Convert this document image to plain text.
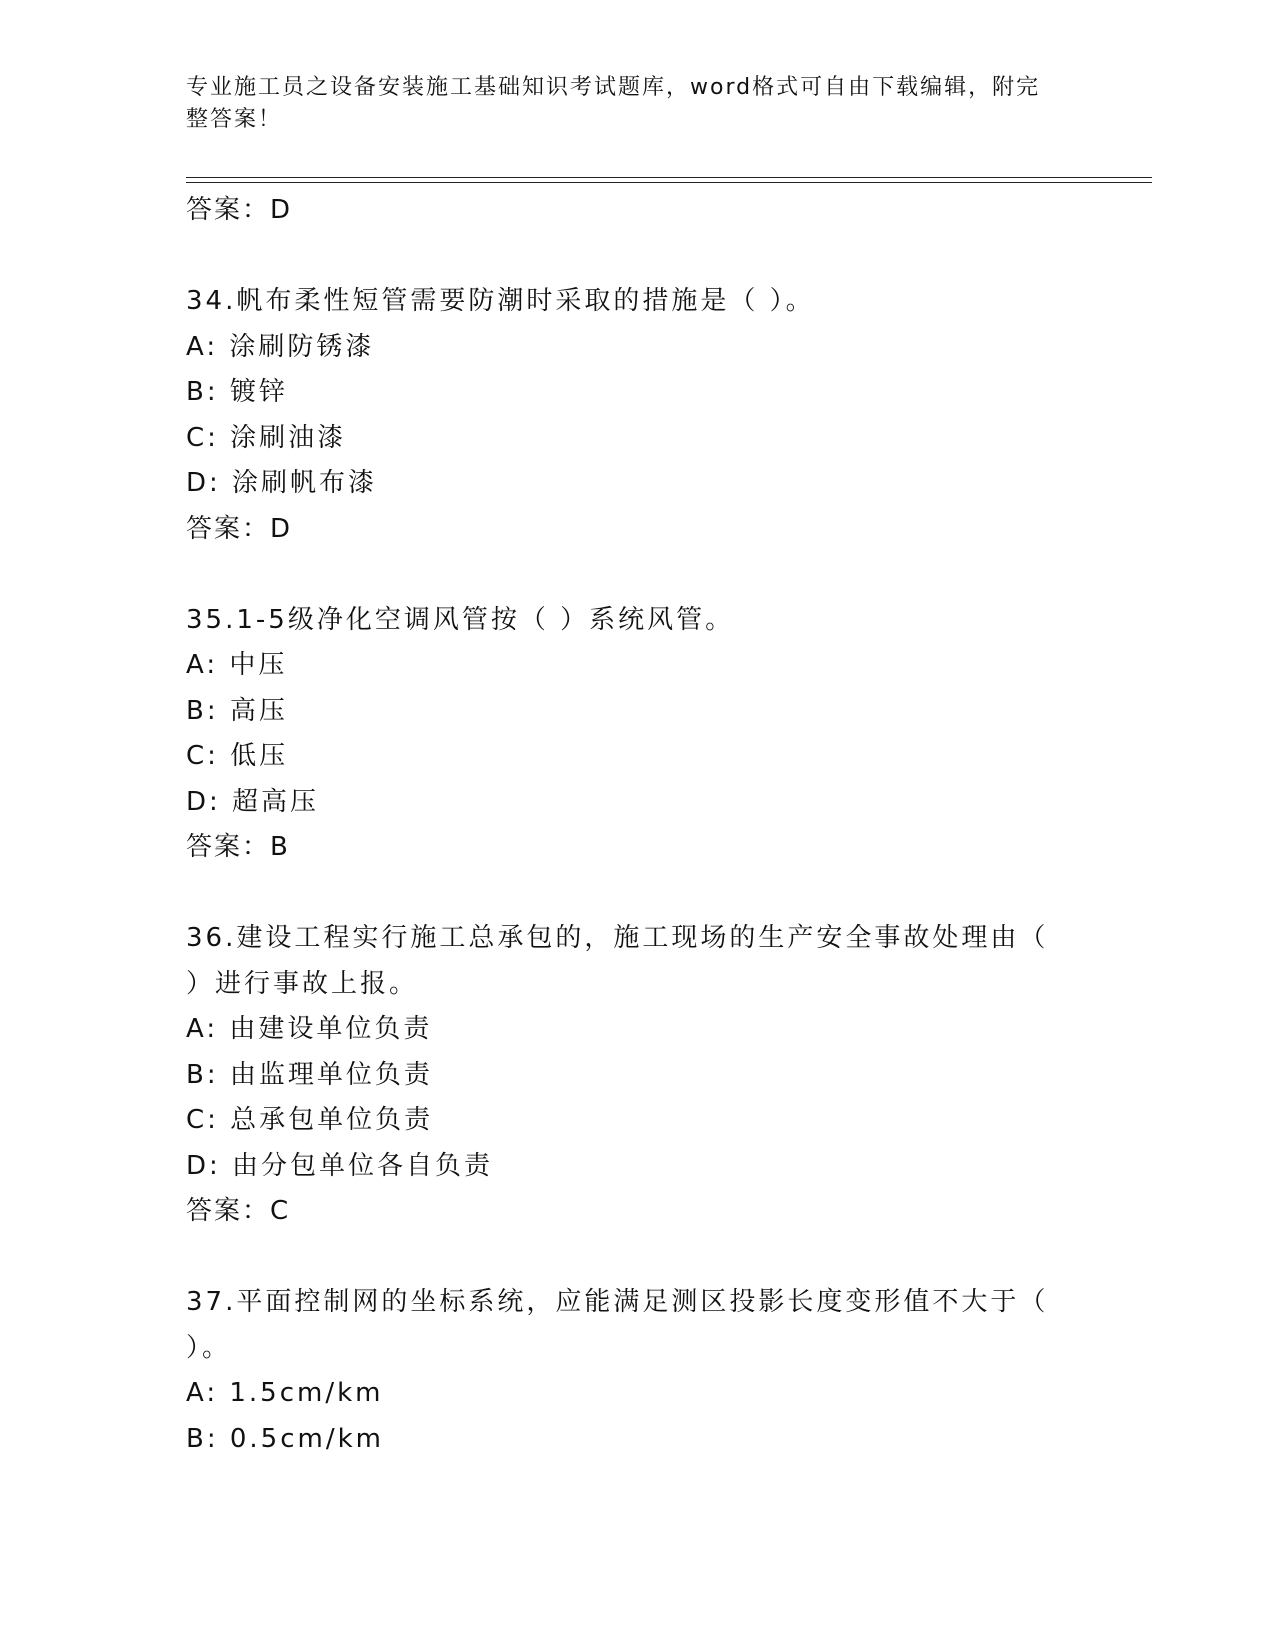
专业施工员之设备安装施工基础知识考试题库，word格式可自由下载编辑，附完
整答案！
答案：D
34.帆布柔性短管需要防潮时采取的措施是（ ）。
A: 涂刷防锈漆
B: 镀锌
C: 涂刷油漆
D: 涂刷帆布漆
答案：D
35.1-5级净化空调风管按（ ）系统风管。
A: 中压
B: 高压
C: 低压
D: 超高压
答案：B
36.建设工程实行施工总承包的，施工现场的生产安全事故处理由（
）进行事故上报。
A: 由建设单位负责
B: 由监理单位负责
C: 总承包单位负责
D: 由分包单位各自负责
答案：C
37.平面控制网的坐标系统，应能满足测区投影长度变形值不大于（
）。
A: 1.5cm/km
B: 0.5cm/km
